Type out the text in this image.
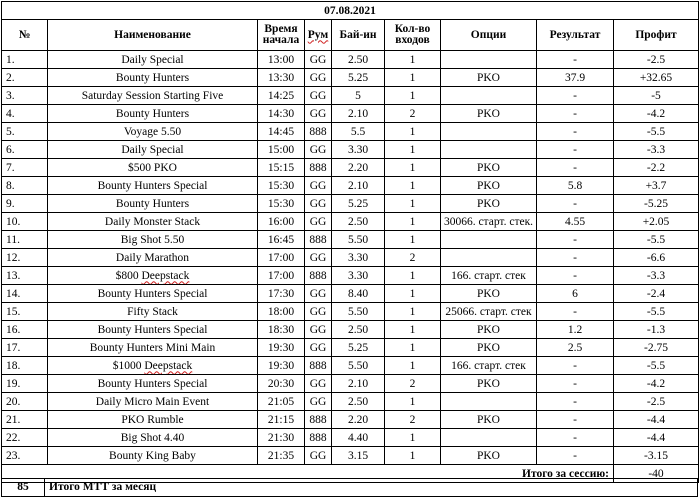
07.08.2021								
№	Наименование	Время начала	Рум	Бай-ин	Кол-во входов	Опции	Результат	Профит
1.	Daily Special	13:00	GG	2.50	1		-	-2.5
2.	Bounty Hunters	13:30	GG	5.25	1	PKO	37.9	+32.65
3.	Saturday Session Starting Five	14:25	GG	5	1		-	-5
4.	Bounty Hunters	14:30	GG	2.10	2	PKO	-	-4.2
5.	Voyage 5.50	14:45	888	5.5	1		-	-5.5
6.	Daily Special	15:00	GG	3.30	1		-	-3.3
7.	$500 PKO	15:15	888	2.20	1	PKO	-	-2.2
8.	Bounty Hunters Special	15:30	GG	2.10	1	PKO	5.8	+3.7
9.	Bounty Hunters	15:30	GG	5.25	1	PKO	-	-5.25
10.	Daily Monster Stack	16:00	GG	2.50	1	30066. старт. стек.	4.55	+2.05
11.	Big Shot 5.50	16:45	888	5.50	1		-	-5.5
12.	Daily Marathon	17:00	GG	3.30	2		-	-6.6
13.	$800 Deepstack	17:00	888	3.30	1	166. старт. стек	-	-3.3
14.	Bounty Hunters Special	17:30	GG	8.40	1	PKO	6	-2.4
15.	Fifty Stack	18:00	GG	5.50	1	25066. старт. стек	-	-5.5
16.	Bounty Hunters Special	18:30	GG	2.50	1	PKO	1.2	-1.3
17.	Bounty Hunters Mini Main	19:30	GG	5.25	1	PKO	2.5	-2.75
18.	$1000 Deepstack	19:30	888	5.50	1	166. старт. стек	-	-5.5
19.	Bounty Hunters Special	20:30	GG	2.10	2	PKO	-	-4.2
20.	Daily Micro Main Event	21:05	GG	2.50	1		-	-2.5
21.	PKO Rumble	21:15	888	2.20	2	PKO	-	-4.4
22.	Big Shot 4.40	21:30	888	4.40	1		-	-4.4
23.	Bounty King Baby	21:35	GG	3.15	1	PKO	-	-3.15
Итого за сессию:								-40
85	Итого МТТ за месяц
